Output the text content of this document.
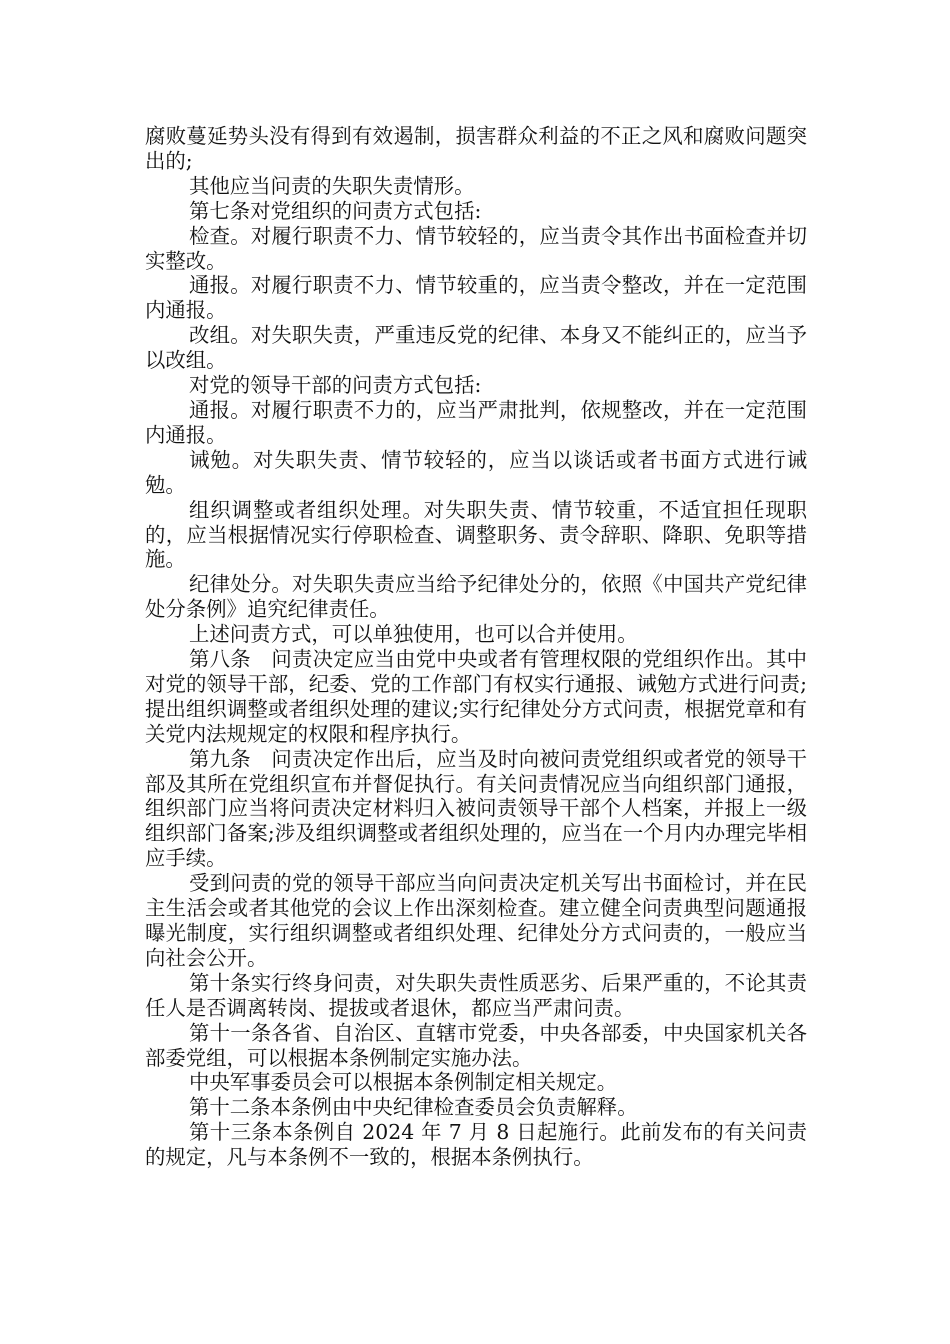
腐败蔓延势头没有得到有效遏制，损害群众利益的不正之风和腐败问题突出的;

其他应当问责的失职失责情形。

第七条对党组织的问责方式包括:

检查。对履行职责不力、情节较轻的，应当责令其作出书面检查并切实整改。

通报。对履行职责不力、情节较重的，应当责令整改，并在一定范围内通报。

改组。对失职失责，严重违反党的纪律、本身又不能纠正的，应当予以改组。

对党的领导干部的问责方式包括:

通报。对履行职责不力的，应当严肃批判，依规整改，并在一定范围内通报。

诫勉。对失职失责、情节较轻的，应当以谈话或者书面方式进行诫勉。

组织调整或者组织处理。对失职失责、情节较重，不适宜担任现职的，应当根据情况实行停职检查、调整职务、责令辞职、降职、免职等措施。

纪律处分。对失职失责应当给予纪律处分的，依照《中国共产党纪律处分条例》追究纪律责任。

上述问责方式，可以单独使用，也可以合并使用。

第八条　问责决定应当由党中央或者有管理权限的党组织作出。其中对党的领导干部，纪委、党的工作部门有权实行通报、诫勉方式进行问责;提出组织调整或者组织处理的建议;实行纪律处分方式问责，根据党章和有关党内法规规定的权限和程序执行。

第九条　问责决定作出后，应当及时向被问责党组织或者党的领导干部及其所在党组织宣布并督促执行。有关问责情况应当向组织部门通报，组织部门应当将问责决定材料归入被问责领导干部个人档案，并报上一级组织部门备案;涉及组织调整或者组织处理的，应当在一个月内办理完毕相应手续。

受到问责的党的领导干部应当向问责决定机关写出书面检讨，并在民主生活会或者其他党的会议上作出深刻检查。建立健全问责典型问题通报曝光制度，实行组织调整或者组织处理、纪律处分方式问责的，一般应当向社会公开。

第十条实行终身问责，对失职失责性质恶劣、后果严重的，不论其责任人是否调离转岗、提拔或者退休，都应当严肃问责。

第十一条各省、自治区、直辖市党委，中央各部委，中央国家机关各部委党组，可以根据本条例制定实施办法。

中央军事委员会可以根据本条例制定相关规定。

第十二条本条例由中央纪律检查委员会负责解释。

第十三条本条例自 2024 年 7 月 8 日起施行。此前发布的有关问责的规定，凡与本条例不一致的，根据本条例执行。
